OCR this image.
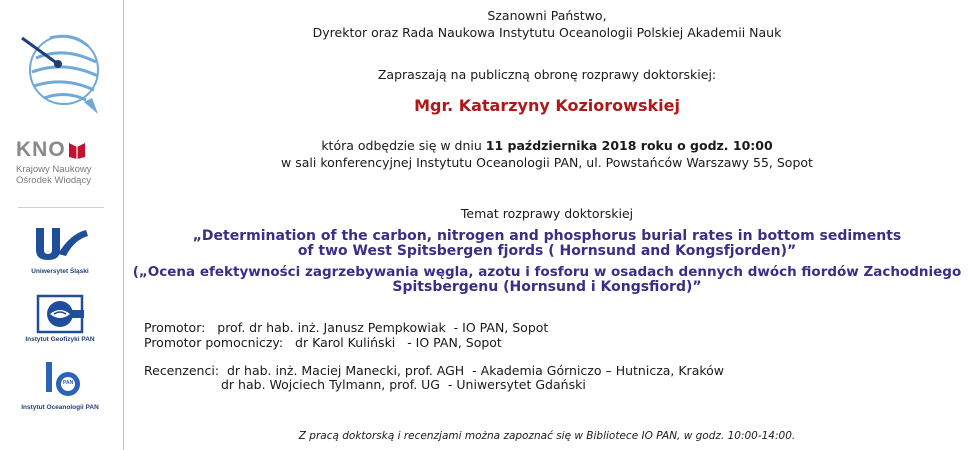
KNO
Krajowy Naukowy
Ośrodek Wiodący
Uniwersytet Śląski
Instytut Geofizyki PAN
PAN
Instytut Oceanologii PAN
Szanowni Państwo,
Dyrektor oraz Rada Naukowa Instytutu Oceanologii Polskiej Akademii Nauk
Zapraszają na publiczną obronę rozprawy doktorskiej:
Mgr. Katarzyny Koziorowskiej
która odbędzie się w dniu 11 października 2018 roku o godz. 10:00
w sali konferencyjnej Instytutu Oceanologii PAN, ul. Powstańców Warszawy 55, Sopot
Temat rozprawy doktorskiej
„Determination of the carbon, nitrogen and phosphorus burial rates in bottom sediments
of two West Spitsbergen fjords ( Hornsund and Kongsfjorden)”
(„Ocena efektywności zagrzebywania węgla, azotu i fosforu w osadach dennych dwóch fiordów Zachodniego
Spitsbergenu (Hornsund i Kongsfiord)”
Promotor:   prof. dr hab. inż. Janusz Pempkowiak  - IO PAN, Sopot
Promotor pomocniczy:   dr Karol Kuliński   - IO PAN, Sopot
Recenzenci:  dr hab. inż. Maciej Manecki, prof. AGH  - Akademia Górniczo – Hutnicza, Kraków
dr hab. Wojciech Tylmann, prof. UG  - Uniwersytet Gdański
Z pracą doktorską i recenzjami można zapoznać się w Bibliotece IO PAN, w godz. 10:00-14:00.
